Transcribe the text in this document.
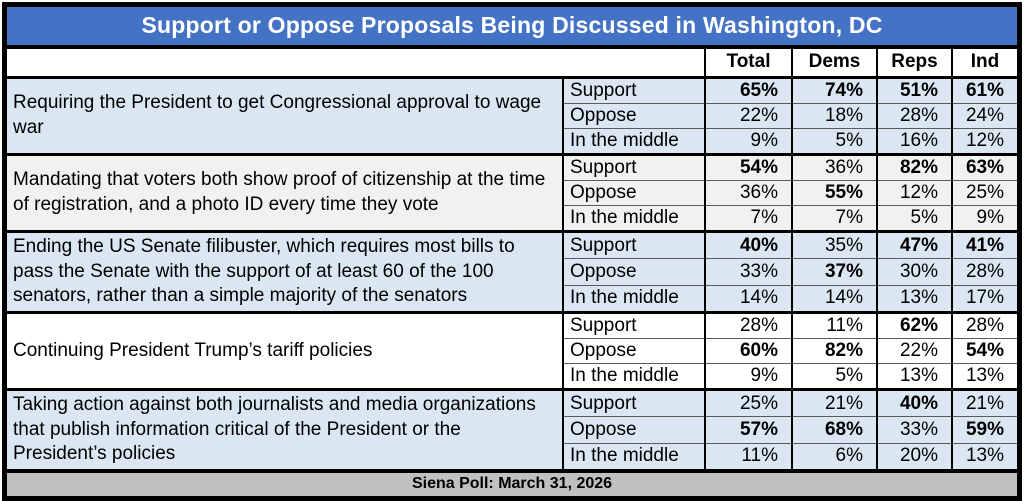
Support or Oppose Proposals Being Discussed in Washington, DC
		Total	Dems	Reps	Ind
Requiring the President to get Congressional approval to wage war	Support	65%	74%	51%	61%
	Oppose	22%	18%	28%	24%
	In the middle	9%	5%	16%	12%
Mandating that voters both show proof of citizenship at the time of registration, and a photo ID every time they vote	Support	54%	36%	82%	63%
	Oppose	36%	55%	12%	25%
	In the middle	7%	7%	5%	9%
Ending the US Senate filibuster, which requires most bills to pass the Senate with the support of at least 60 of the 100 senators, rather than a simple majority of the senators	Support	40%	35%	47%	41%
	Oppose	33%	37%	30%	28%
	In the middle	14%	14%	13%	17%
Continuing President Trump’s tariff policies	Support	28%	11%	62%	28%
	Oppose	60%	82%	22%	54%
	In the middle	9%	5%	13%	13%
Taking action against both journalists and media organizations that publish information critical of the President or the President’s policies	Support	25%	21%	40%	21%
	Oppose	57%	68%	33%	59%
	In the middle	11%	6%	20%	13%
Siena Poll: March 31, 2026
